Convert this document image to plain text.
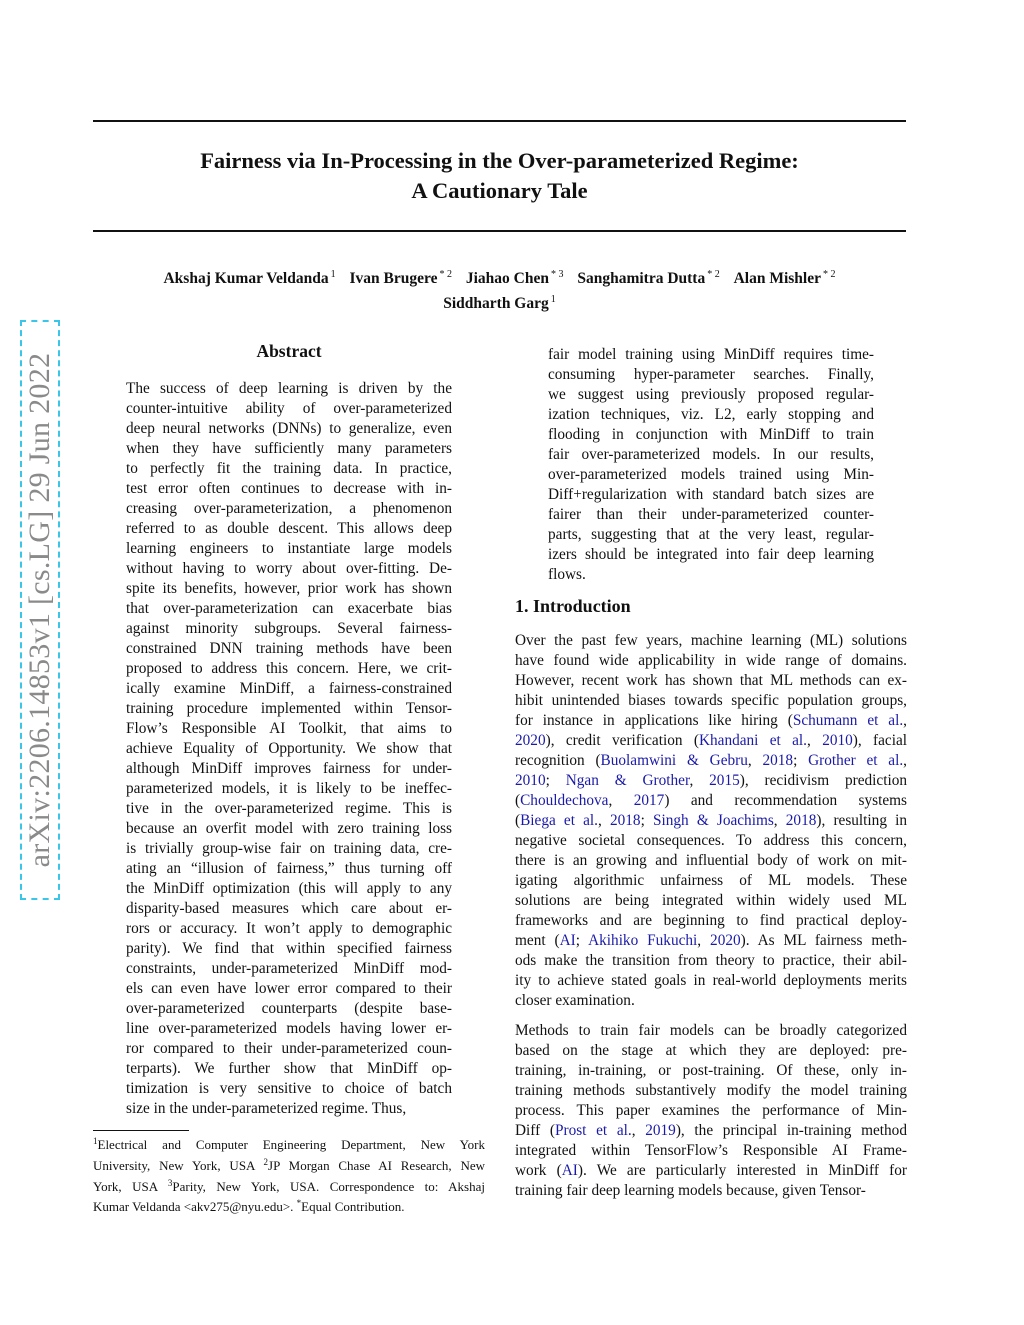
Fairness via In-Processing in the Over-parameterized Regime:
A Cautionary Tale
Akshaj Kumar Veldanda $^1$ Ivan Brugere $^{* 2}$ Jiahao Chen $^{* 3}$ Sanghamitra Dutta $^{* 2}$ Alan Mishler $^{* 2}$
Siddharth Garg $^1$
arXiv:2206.14853v1 [cs.LG] 29 Jun 2022
Abstract
The success of deep learning is driven by the
counter-intuitive ability of over-parameterized
deep neural networks (DNNs) to generalize, even
when they have sufficiently many parameters
to perfectly fit the training data. In practice,
test error often continues to decrease with in-
creasing over-parameterization, a phenomenon
referred to as double descent. This allows deep
learning engineers to instantiate large models
without having to worry about over-fitting. De-
spite its benefits, however, prior work has shown
that over-parameterization can exacerbate bias
against minority subgroups. Several fairness-
constrained DNN training methods have been
proposed to address this concern. Here, we crit-
ically examine MinDiff, a fairness-constrained
training procedure implemented within Tensor-
Flow’s Responsible AI Toolkit, that aims to
achieve Equality of Opportunity. We show that
although MinDiff improves fairness for under-
parameterized models, it is likely to be ineffec-
tive in the over-parameterized regime. This is
because an overfit model with zero training loss
is trivially group-wise fair on training data, cre-
ating an “illusion of fairness,” thus turning off
the MinDiff optimization (this will apply to any
disparity-based measures which care about er-
rors or accuracy. It won’t apply to demographic
parity). We find that within specified fairness
constraints, under-parameterized MinDiff mod-
els can even have lower error compared to their
over-parameterized counterparts (despite base-
line over-parameterized models having lower er-
ror compared to their under-parameterized coun-
terparts). We further show that MinDiff op-
timization is very sensitive to choice of batch
size in the under-parameterized regime. Thus,
fair model training using MinDiff requires time-
consuming hyper-parameter searches. Finally,
we suggest using previously proposed regular-
ization techniques, viz. L2, early stopping and
flooding in conjunction with MinDiff to train
fair over-parameterized models. In our results,
over-parameterized models trained using Min-
Diff+regularization with standard batch sizes are
fairer than their under-parameterized counter-
parts, suggesting that at the very least, regular-
izers should be integrated into fair deep learning
flows.
1. Introduction
Over the past few years, machine learning (ML) solutions
have found wide applicability in wide range of domains.
However, recent work has shown that ML methods can ex-
hibit unintended biases towards specific population groups,
for instance in applications like hiring (Schumann et al.,
2020), credit verification (Khandani et al., 2010), facial
recognition (Buolamwini & Gebru, 2018; Grother et al.,
2010; Ngan & Grother, 2015), recidivism prediction
(Chouldechova, 2017) and recommendation systems
(Biega et al., 2018; Singh & Joachims, 2018), resulting in
negative societal consequences. To address this concern,
there is an growing and influential body of work on mit-
igating algorithmic unfairness of ML models. These
solutions are being integrated within widely used ML
frameworks and are beginning to find practical deploy-
ment (AI; Akihiko Fukuchi, 2020). As ML fairness meth-
ods make the transition from theory to practice, their abil-
ity to achieve stated goals in real-world deployments merits
closer examination.
Methods to train fair models can be broadly categorized
based on the stage at which they are deployed: pre-
training, in-training, or post-training. Of these, only in-
training methods substantively modify the model training
process. This paper examines the performance of Min-
Diff (Prost et al., 2019), the principal in-training method
integrated within TensorFlow’s Responsible AI Frame-
work (AI). We are particularly interested in MinDiff for
training fair deep learning models because, given Tensor-
$^1$Electrical and Computer Engineering Department, New York
University, New York, USA $^2$JP Morgan Chase AI Research, New
York, USA $^3$Parity, New York, USA. Correspondence to: Akshaj
Kumar Veldanda <akv275@nyu.edu>. *Equal Contribution.
